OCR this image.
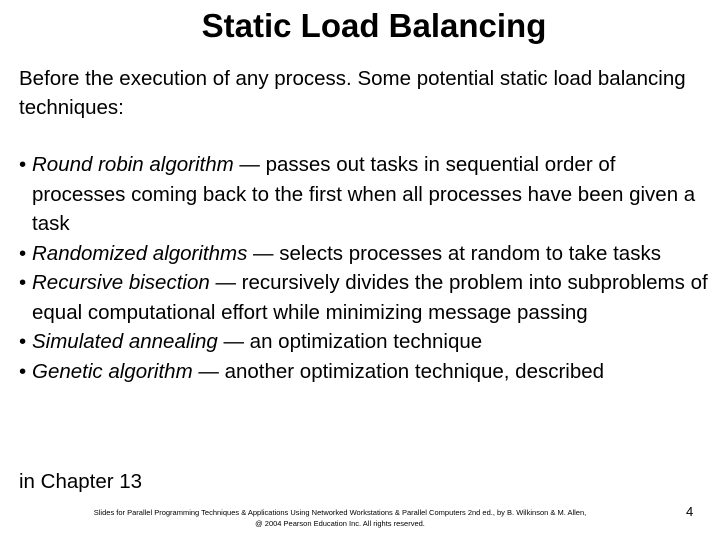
Static Load Balancing
Before the execution of any process. Some potential static load balancing techniques:
• Round robin algorithm — passes out tasks in sequential order of processes coming back to the first when all processes have been given a task
• Randomized algorithms — selects processes at random to take tasks
• Recursive bisection — recursively divides the problem into subproblems of equal computational effort while minimizing message passing
• Simulated annealing — an optimization technique
• Genetic algorithm — another optimization technique, described
in Chapter 13
Slides for Parallel Programming Techniques & Applications Using Networked Workstations & Parallel Computers 2nd ed., by B. Wilkinson & M. Allen,
@ 2004 Pearson Education Inc. All rights reserved.
4
